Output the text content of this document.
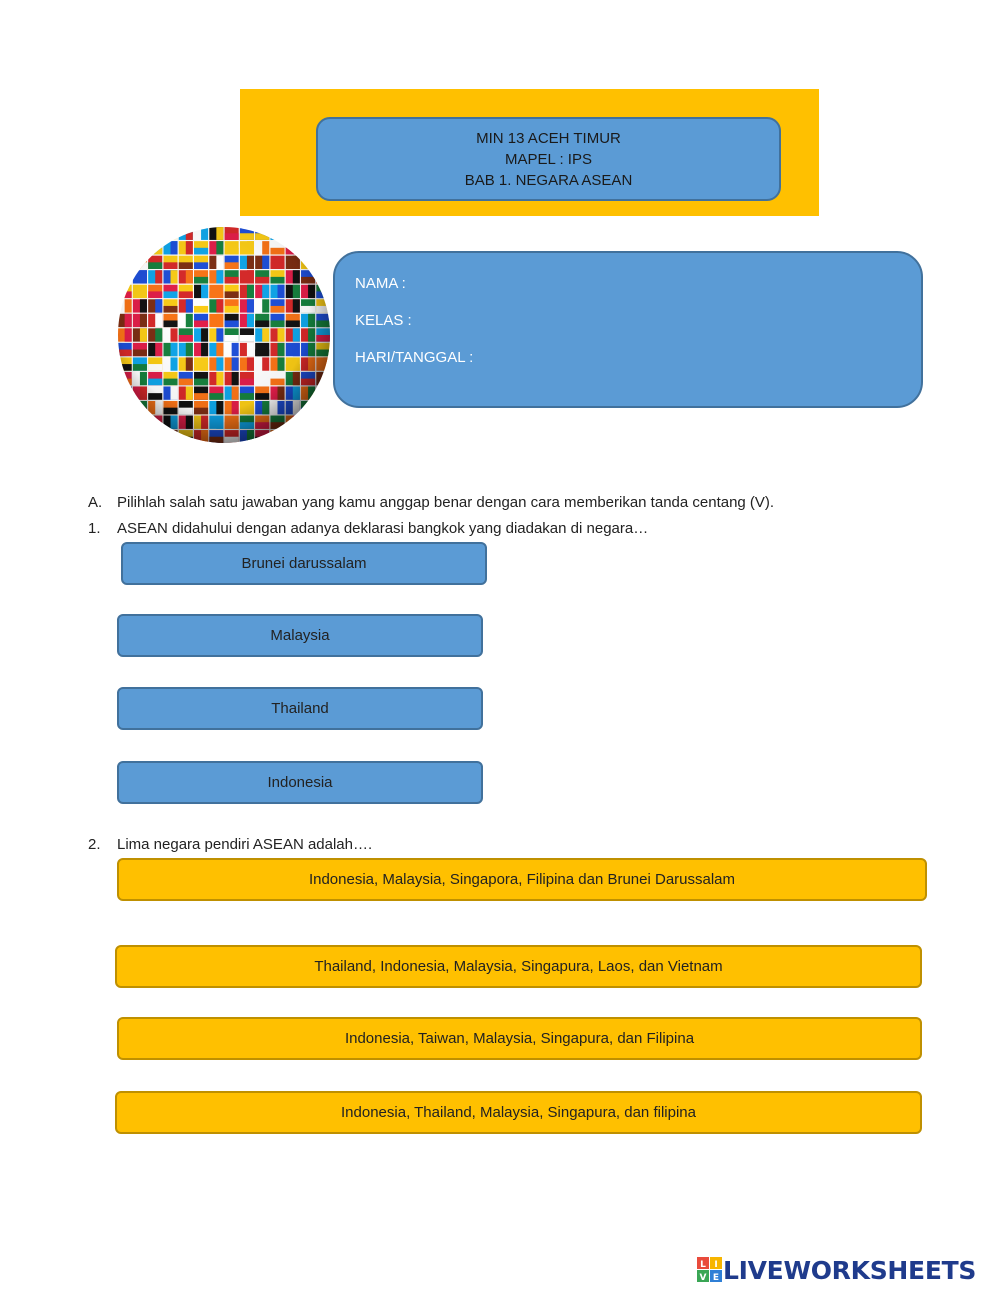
MIN 13 ACEH TIMUR
MAPEL : IPS
BAB 1. NEGARA ASEAN
NAMA :
KELAS :
HARI/TANGGAL :
A. Pilihlah salah satu jawaban yang kamu anggap benar dengan cara memberikan tanda centang (V).
1. ASEAN didahului dengan adanya deklarasi bangkok yang diadakan di negara…
Brunei darussalam
Malaysia
Thailand
Indonesia
2. Lima negara pendiri ASEAN adalah….
Indonesia, Malaysia, Singapora, Filipina dan Brunei Darussalam
Thailand, Indonesia, Malaysia, Singapura, Laos, dan Vietnam
Indonesia, Taiwan, Malaysia, Singapura, dan Filipina
Indonesia, Thailand, Malaysia, Singapura, dan filipina
L I
V E LIVEWORKSHEETS
